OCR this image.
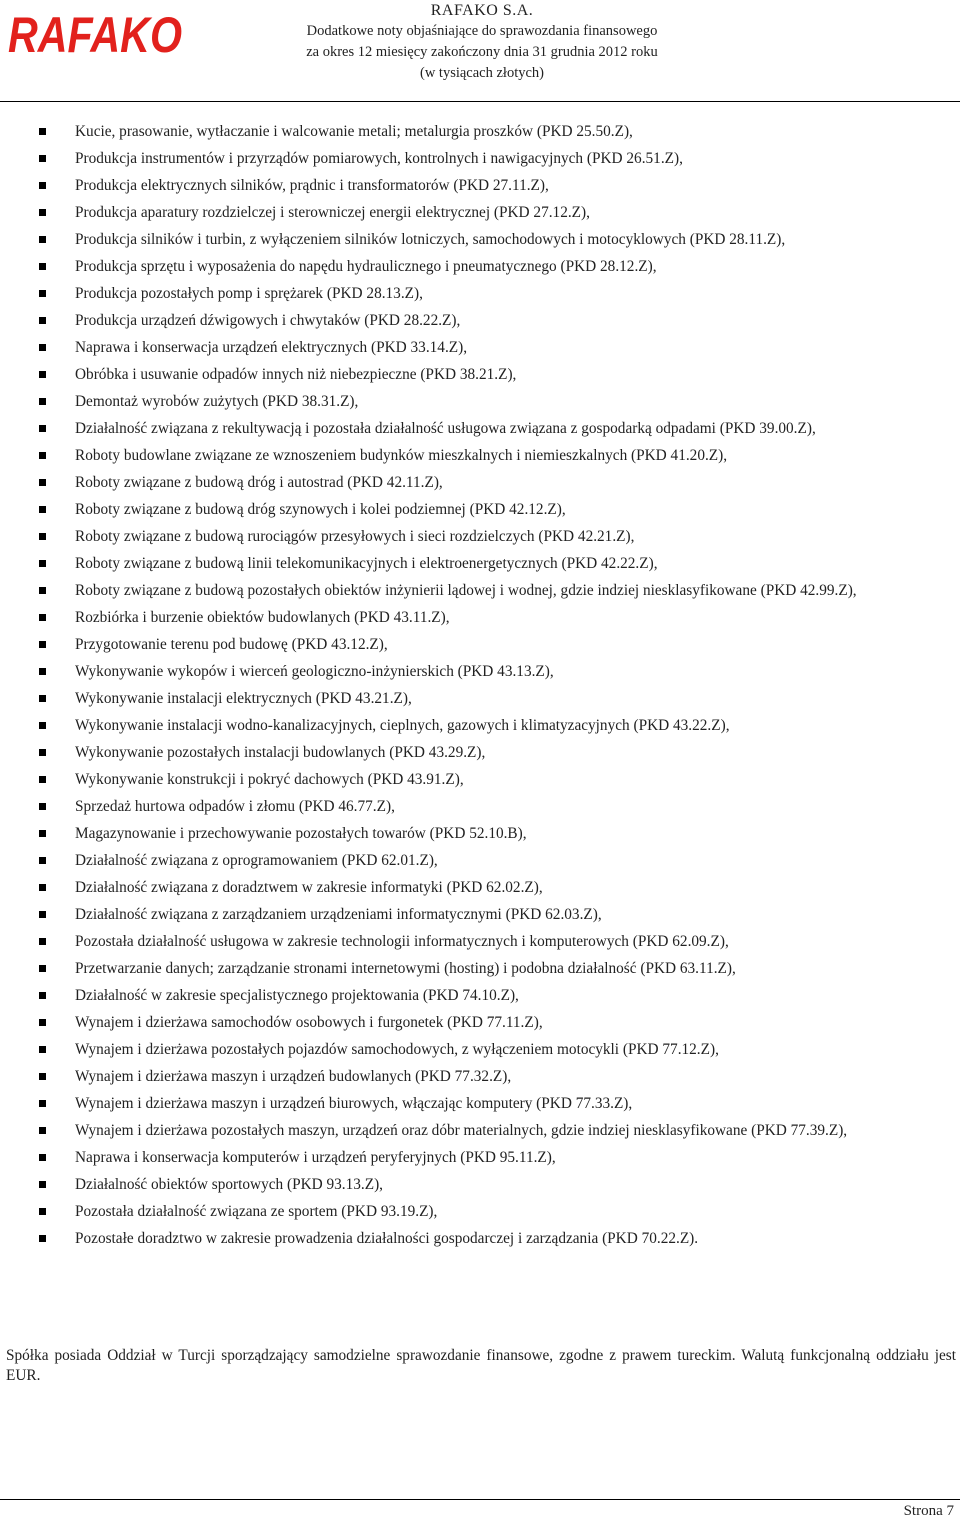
RAFAKO	RAFAKO S.A.
Dodatkowe noty objaśniające do sprawozdania finansowego
za okres 12 miesięcy zakończony dnia 31 grudnia 2012 roku
(w tysiącach złotych)
Kucie, prasowanie, wytłaczanie i walcowanie metali; metalurgia proszków (PKD 25.50.Z),
Produkcja instrumentów i przyrządów pomiarowych, kontrolnych i nawigacyjnych (PKD 26.51.Z),
Produkcja elektrycznych silników, prądnic i transformatorów (PKD 27.11.Z),
Produkcja aparatury rozdzielczej i sterowniczej energii elektrycznej (PKD 27.12.Z),
Produkcja silników i turbin, z wyłączeniem silników lotniczych, samochodowych i motocyklowych (PKD 28.11.Z),
Produkcja sprzętu i wyposażenia do napędu hydraulicznego i pneumatycznego (PKD 28.12.Z),
Produkcja pozostałych pomp i sprężarek (PKD 28.13.Z),
Produkcja urządzeń dźwigowych i chwytaków (PKD 28.22.Z),
Naprawa i konserwacja urządzeń elektrycznych (PKD 33.14.Z),
Obróbka i usuwanie odpadów innych niż niebezpieczne (PKD 38.21.Z),
Demontaż wyrobów zużytych (PKD 38.31.Z),
Działalność związana z rekultywacją i pozostała działalność usługowa związana z gospodarką odpadami (PKD 39.00.Z),
Roboty budowlane związane ze wznoszeniem budynków mieszkalnych i niemieszkalnych (PKD 41.20.Z),
Roboty związane z budową dróg i autostrad (PKD 42.11.Z),
Roboty związane z budową dróg szynowych i kolei podziemnej (PKD 42.12.Z),
Roboty związane z budową rurociągów przesyłowych i sieci rozdzielczych (PKD 42.21.Z),
Roboty związane z budową linii telekomunikacyjnych i elektroenergetycznych (PKD 42.22.Z),
Roboty związane z budową pozostałych obiektów inżynierii lądowej i wodnej, gdzie indziej niesklasyfikowane (PKD 42.99.Z),
Rozbiórka i burzenie obiektów budowlanych (PKD 43.11.Z),
Przygotowanie terenu pod budowę (PKD 43.12.Z),
Wykonywanie wykopów i wierceń geologiczno-inżynierskich (PKD 43.13.Z),
Wykonywanie instalacji elektrycznych (PKD 43.21.Z),
Wykonywanie instalacji wodno-kanalizacyjnych, cieplnych, gazowych i klimatyzacyjnych (PKD 43.22.Z),
Wykonywanie pozostałych instalacji budowlanych (PKD 43.29.Z),
Wykonywanie konstrukcji i pokryć dachowych (PKD 43.91.Z),
Sprzedaż hurtowa odpadów i złomu (PKD 46.77.Z),
Magazynowanie i przechowywanie pozostałych towarów (PKD 52.10.B),
Działalność związana z oprogramowaniem (PKD 62.01.Z),
Działalność związana z doradztwem w zakresie informatyki (PKD 62.02.Z),
Działalność związana z zarządzaniem urządzeniami informatycznymi (PKD 62.03.Z),
Pozostała działalność usługowa w zakresie technologii informatycznych i komputerowych (PKD 62.09.Z),
Przetwarzanie danych; zarządzanie stronami internetowymi (hosting) i podobna działalność (PKD 63.11.Z),
Działalność w zakresie specjalistycznego projektowania (PKD 74.10.Z),
Wynajem i dzierżawa samochodów osobowych i furgonetek (PKD 77.11.Z),
Wynajem i dzierżawa pozostałych pojazdów samochodowych, z wyłączeniem motocykli (PKD 77.12.Z),
Wynajem i dzierżawa maszyn i urządzeń budowlanych (PKD 77.32.Z),
Wynajem i dzierżawa maszyn i urządzeń biurowych, włączając komputery (PKD 77.33.Z),
Wynajem i dzierżawa pozostałych maszyn, urządzeń oraz dóbr materialnych, gdzie indziej niesklasyfikowane (PKD 77.39.Z),
Naprawa i konserwacja komputerów i urządzeń peryferyjnych (PKD 95.11.Z),
Działalność obiektów sportowych (PKD 93.13.Z),
Pozostała działalność związana ze sportem (PKD 93.19.Z),
Pozostałe doradztwo w zakresie prowadzenia działalności gospodarczej i zarządzania (PKD 70.22.Z).
Spółka posiada Oddział w Turcji sporządzający samodzielne sprawozdanie finansowe, zgodne z prawem tureckim. Walutą funkcjonalną oddziału jest EUR.
Strona 7
